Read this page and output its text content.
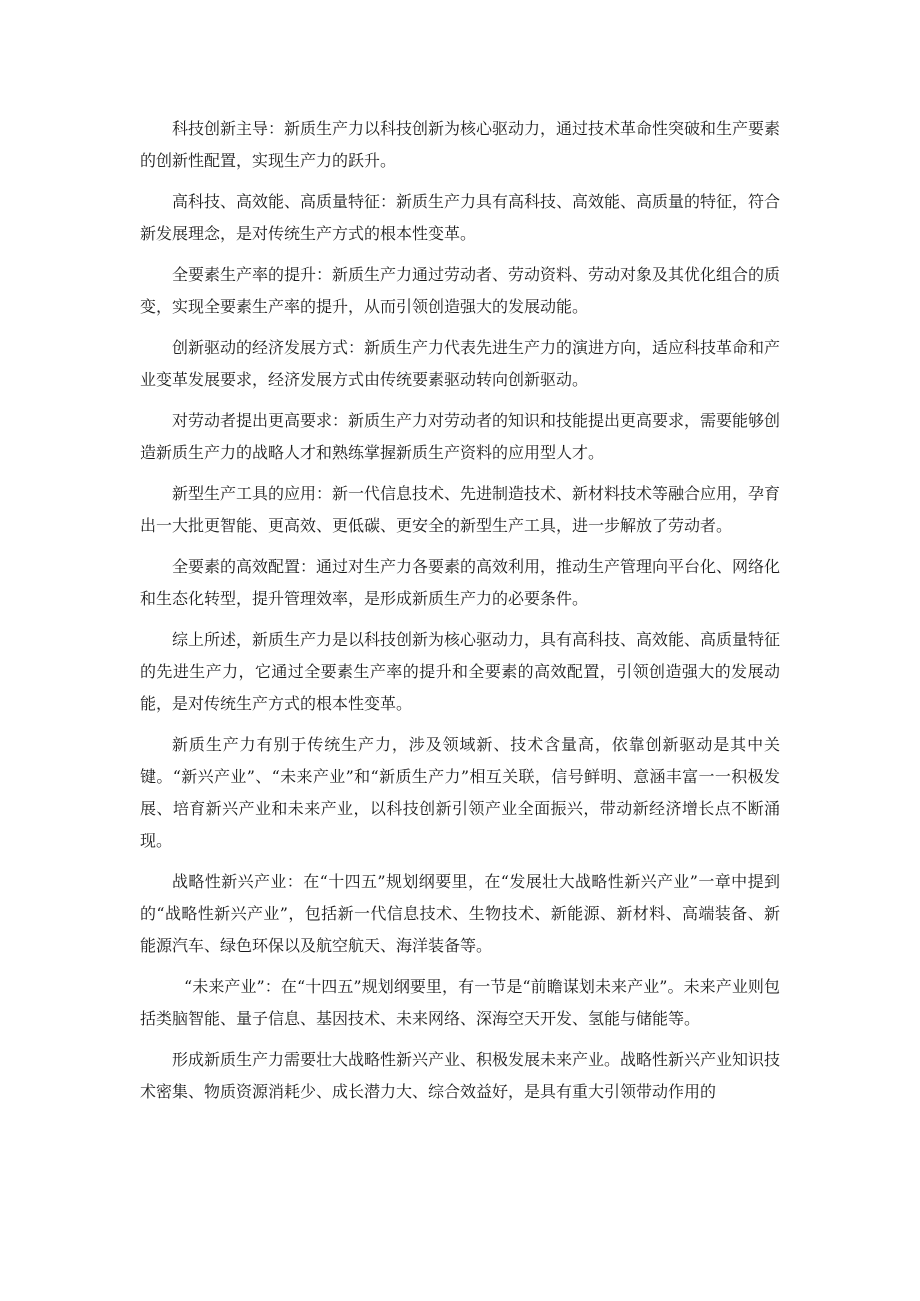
科技创新主导：新质生产力以科技创新为核心驱动力，通过技术革命性突破和生产要素的创新性配置，实现生产力的跃升。

高科技、高效能、高质量特征：新质生产力具有高科技、高效能、高质量的特征，符合新发展理念，是对传统生产方式的根本性变革。

全要素生产率的提升：新质生产力通过劳动者、劳动资料、劳动对象及其优化组合的质变，实现全要素生产率的提升，从而引领创造强大的发展动能。

创新驱动的经济发展方式：新质生产力代表先进生产力的演进方向，适应科技革命和产业变革发展要求，经济发展方式由传统要素驱动转向创新驱动。

对劳动者提出更高要求：新质生产力对劳动者的知识和技能提出更高要求，需要能够创造新质生产力的战略人才和熟练掌握新质生产资料的应用型人才。

新型生产工具的应用：新一代信息技术、先进制造技术、新材料技术等融合应用，孕育出一大批更智能、更高效、更低碳、更安全的新型生产工具，进一步解放了劳动者。

全要素的高效配置：通过对生产力各要素的高效利用，推动生产管理向平台化、网络化和生态化转型，提升管理效率，是形成新质生产力的必要条件。

综上所述，新质生产力是以科技创新为核心驱动力，具有高科技、高效能、高质量特征的先进生产力，它通过全要素生产率的提升和全要素的高效配置，引领创造强大的发展动能，是对传统生产方式的根本性变革。

新质生产力有别于传统生产力，涉及领域新、技术含量高，依靠创新驱动是其中关键。“新兴产业”、“未来产业”和“新质生产力”相互关联，信号鲜明、意涵丰富一一积极发展、培育新兴产业和未来产业，以科技创新引领产业全面振兴，带动新经济增长点不断涌现。

战略性新兴产业：在“十四五”规划纲要里，在“发展壮大战略性新兴产业”一章中提到的“战略性新兴产业”，包括新一代信息技术、生物技术、新能源、新材料、高端装备、新能源汽车、绿色环保以及航空航天、海洋装备等。

“未来产业”：在“十四五”规划纲要里，有一节是“前瞻谋划未来产业”。未来产业则包括类脑智能、量子信息、基因技术、未来网络、深海空天开发、氢能与储能等。

形成新质生产力需要壮大战略性新兴产业、积极发展未来产业。战略性新兴产业知识技术密集、物质资源消耗少、成长潜力大、综合效益好，是具有重大引领带动作用的
